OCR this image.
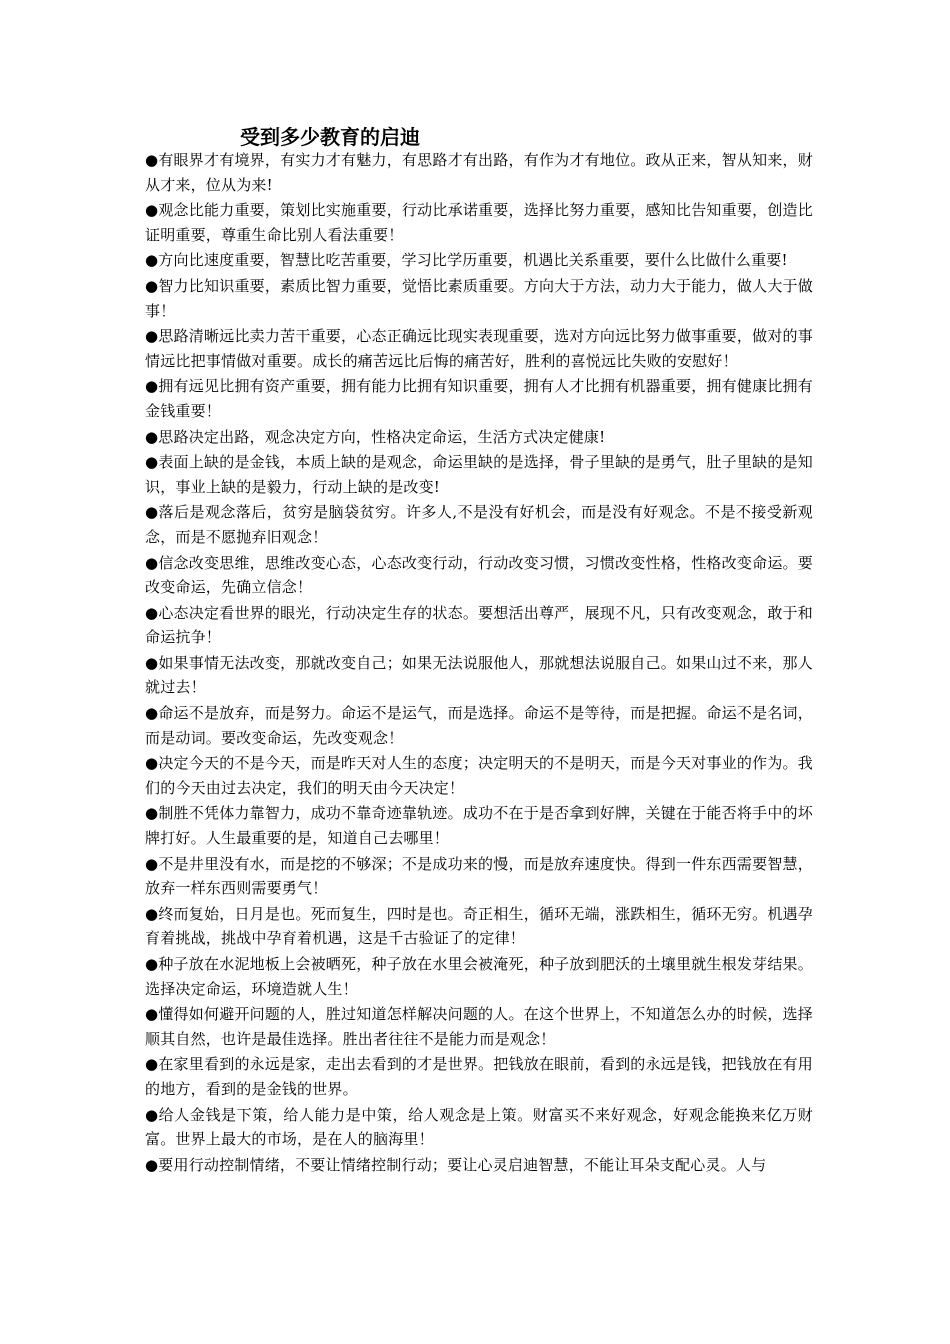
受到多少教育的启迪

●有眼界才有境界，有实力才有魅力，有思路才有出路，有作为才有地位。政从正来，智从知来，财从才来，位从为来!

●观念比能力重要，策划比实施重要，行动比承诺重要，选择比努力重要，感知比告知重要，创造比证明重要，尊重生命比别人看法重要！

●方向比速度重要，智慧比吃苦重要，学习比学历重要，机遇比关系重要，要什么比做什么重要!

●智力比知识重要，素质比智力重要，觉悟比素质重要。方向大于方法，动力大于能力，做人大于做事！

●思路清晰远比卖力苦干重要，心态正确远比现实表现重要，选对方向远比努力做事重要，做对的事情远比把事情做对重要。成长的痛苦远比后悔的痛苦好，胜利的喜悦远比失败的安慰好！

●拥有远见比拥有资产重要，拥有能力比拥有知识重要，拥有人才比拥有机器重要，拥有健康比拥有金钱重要！

●思路决定出路，观念决定方向，性格决定命运，生活方式决定健康!

●表面上缺的是金钱，本质上缺的是观念，命运里缺的是选择，骨子里缺的是勇气，肚子里缺的是知识，事业上缺的是毅力，行动上缺的是改变!

●落后是观念落后，贫穷是脑袋贫穷。许多人,不是没有好机会，而是没有好观念。不是不接受新观念，而是不愿抛弃旧观念！

●信念改变思维，思维改变心态，心态改变行动，行动改变习惯，习惯改变性格，性格改变命运。要改变命运，先确立信念！

●心态决定看世界的眼光，行动决定生存的状态。要想活出尊严，展现不凡，只有改变观念，敢于和命运抗争！

●如果事情无法改变，那就改变自己；如果无法说服他人，那就想法说服自己。如果山过不来，那人就过去！

●命运不是放弃，而是努力。命运不是运气，而是选择。命运不是等待，而是把握。命运不是名词，而是动词。要改变命运，先改变观念！

●决定今天的不是今天，而是昨天对人生的态度；决定明天的不是明天，而是今天对事业的作为。我们的今天由过去决定，我们的明天由今天决定！

●制胜不凭体力靠智力，成功不靠奇迹靠轨迹。成功不在于是否拿到好牌，关键在于能否将手中的坏牌打好。人生最重要的是，知道自己去哪里！

●不是井里没有水，而是挖的不够深；不是成功来的慢，而是放弃速度快。得到一件东西需要智慧，放弃一样东西则需要勇气！

●终而复始，日月是也。死而复生，四时是也。奇正相生，循环无端，涨跌相生，循环无穷。机遇孕育着挑战，挑战中孕育着机遇，这是千古验证了的定律！

●种子放在水泥地板上会被晒死，种子放在水里会被淹死，种子放到肥沃的土壤里就生根发芽结果。选择决定命运，环境造就人生！

●懂得如何避开问题的人，胜过知道怎样解决问题的人。在这个世界上，不知道怎么办的时候，选择顺其自然，也许是最佳选择。胜出者往往不是能力而是观念！

●在家里看到的永远是家，走出去看到的才是世界。把钱放在眼前，看到的永远是钱，把钱放在有用的地方，看到的是金钱的世界。

●给人金钱是下策，给人能力是中策，给人观念是上策。财富买不来好观念，好观念能换来亿万财富。世界上最大的市场，是在人的脑海里！

●要用行动控制情绪，不要让情绪控制行动；要让心灵启迪智慧，不能让耳朵支配心灵。人与
